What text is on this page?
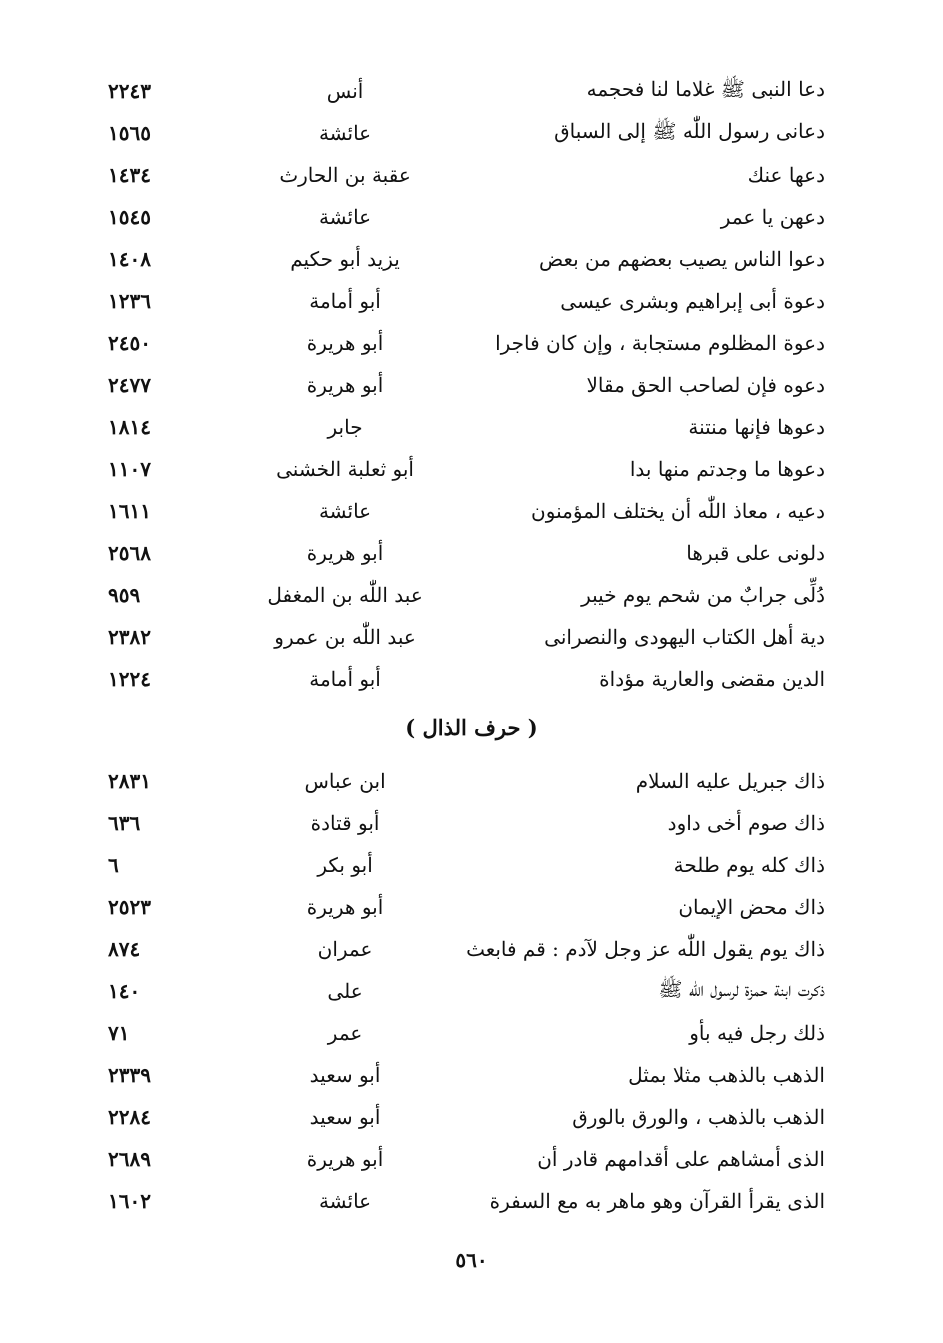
دعا النبى ﷺ غلاما لنا فحجمه
أنس
٢٢٤٣
دعانى رسول اللّٰه ﷺ إلى السباق
عائشة
١٥٦٥
دعها عنك
عقبة بن الحارث
١٤٣٤
دعهن يا عمر
عائشة
١٥٤٥
دعوا الناس يصيب بعضهم من بعض
يزيد أبو حكيم
١٤٠٨
دعوة أبى إبراهيم وبشرى عيسى
أبو أمامة
١٢٣٦
دعوة المظلوم مستجابة ، وإن كان فاجرا
أبو هريرة
٢٤٥٠
دعوه فإن لصاحب الحق مقالا
أبو هريرة
٢٤٧٧
دعوها فإنها منتنة
جابر
١٨١٤
دعوها ما وجدتم منها بدا
أبو ثعلبة الخشنى
١١٠٧
دعيه ، معاذ اللّٰه أن يختلف المؤمنون
عائشة
١٦١١
دلونى على قبرها
أبو هريرة
٢٥٦٨
دُلِّى جرابٌ من شحم يوم خيبر
عبد اللّٰه بن المغفل
٩٥٩
دية أهل الكتاب اليهودى والنصرانى
عبد اللّٰه بن عمرو
٢٣٨٢
الدين مقضى والعارية مؤداة
أبو أمامة
١٢٢٤
( حرف الذال )
ذاك جبريل عليه السلام
ابن عباس
٢٨٣١
ذاك صوم أخى داود
أبو قتادة
٦٣٦
ذاك كله يوم طلحة
أبو بكر
٦
ذاك محض الإيمان
أبو هريرة
٢٥٢٣
ذاك يوم يقول اللّٰه عز وجل لآدم : قم فابعث
عمران
٨٧٤
ذكرت ابنة حمزة لرسول اللّٰه ﷺ
على
١٤٠
ذلك رجل فيه بأو
عمر
٧١
الذهب بالذهب مثلا بمثل
أبو سعيد
٢٣٣٩
الذهب بالذهب ، والورق بالورق
أبو سعيد
٢٢٨٤
الذى أمشاهم على أقدامهم قادر أن
أبو هريرة
٢٦٨٩
الذى يقرأ القرآن وهو ماهر به مع السفرة
عائشة
١٦٠٢
٥٦٠
